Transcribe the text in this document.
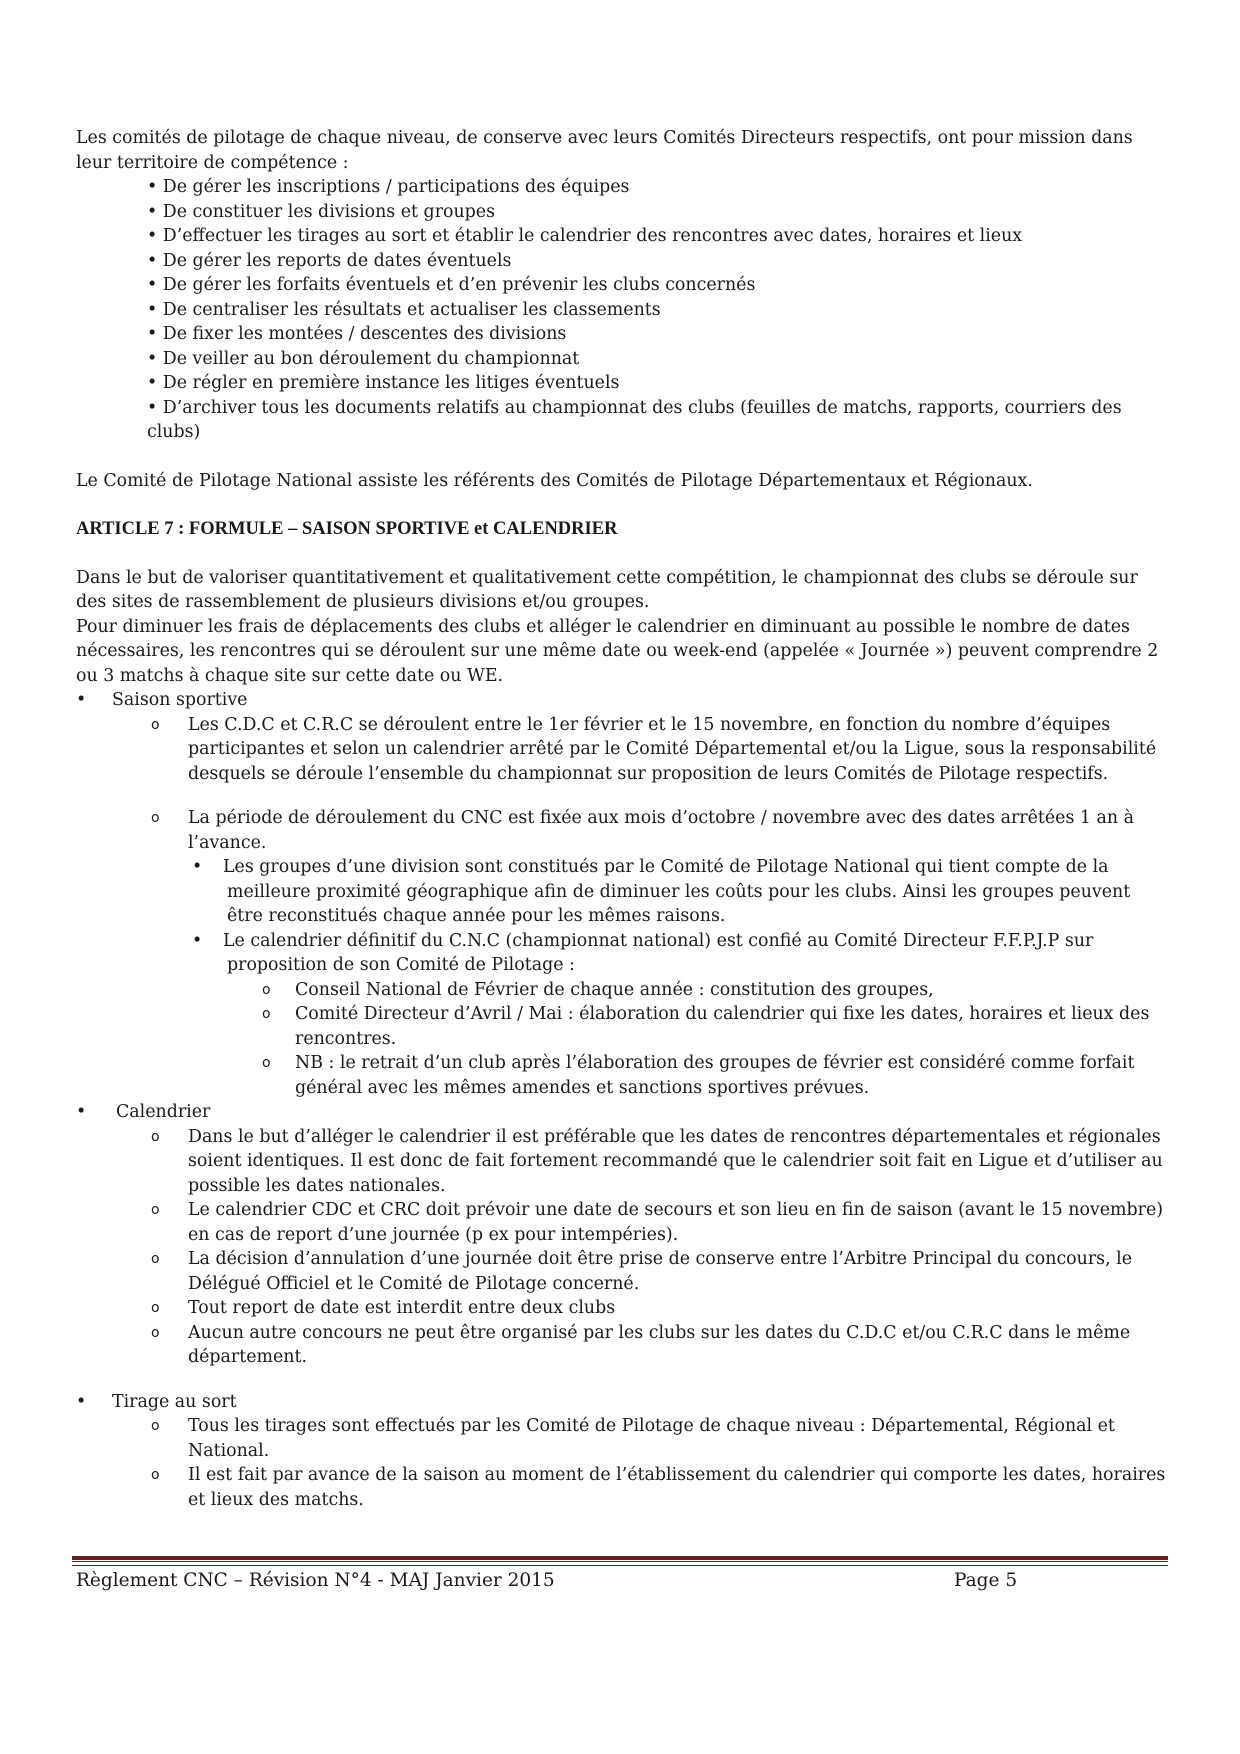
Les comités de pilotage de chaque niveau, de conserve avec leurs Comités Directeurs respectifs, ont pour mission dans leur territoire de compétence :

• De gérer les inscriptions / participations des équipes
• De constituer les divisions et groupes
• D’effectuer les tirages au sort et établir le calendrier des rencontres avec dates, horaires et lieux
• De gérer les reports de dates éventuels
• De gérer les forfaits éventuels et d’en prévenir les clubs concernés
• De centraliser les résultats et actualiser les classements
• De fixer les montées / descentes des divisions
• De veiller au bon déroulement du championnat
• De régler en première instance les litiges éventuels
• D’archiver tous les documents relatifs au championnat des clubs (feuilles de matchs, rapports, courriers des clubs)

Le Comité de Pilotage National assiste les référents des Comités de Pilotage Départementaux et Régionaux.

ARTICLE 7 : FORMULE – SAISON SPORTIVE et CALENDRIER

Dans le but de valoriser quantitativement et qualitativement cette compétition, le championnat des clubs se déroule sur des sites de rassemblement de plusieurs divisions et/ou groupes.

Pour diminuer les frais de déplacements des clubs et alléger le calendrier en diminuant au possible le nombre de dates nécessaires, les rencontres qui se déroulent sur une même date ou week-end (appelée « Journée ») peuvent comprendre 2 ou 3 matchs à chaque site sur cette date ou WE.

• Saison sportive
o Les C.D.C et C.R.C se déroulent entre le 1er février et le 15 novembre, en fonction du nombre d’équipes participantes et selon un calendrier arrêté par le Comité Départemental et/ou la Ligue, sous la responsabilité desquels se déroule l’ensemble du championnat sur proposition de leurs Comités de Pilotage respectifs.
o La période de déroulement du CNC est fixée aux mois d’octobre / novembre avec des dates arrêtées 1 an à l’avance.
• Les groupes d’une division sont constitués par le Comité de Pilotage National qui tient compte de la

meilleure proximité géographique afin de diminuer les coûts pour les clubs. Ainsi les groupes peuvent être reconstitués chaque année pour les mêmes raisons.
• Le calendrier définitif du C.N.C (championnat national) est confié au Comité Directeur F.F.P.J.P sur

proposition de son Comité de Pilotage :
o Conseil National de Février de chaque année : constitution des groupes,
o Comité Directeur d’Avril / Mai : élaboration du calendrier qui fixe les dates, horaires et lieux des rencontres.
o NB : le retrait d’un club après l’élaboration des groupes de février est considéré comme forfait général avec les mêmes amendes et sanctions sportives prévues.
• Calendrier
o Dans le but d’alléger le calendrier il est préférable que les dates de rencontres départementales et régionales soient identiques. Il est donc de fait fortement recommandé que le calendrier soit fait en Ligue et d’utiliser au possible les dates nationales.
o Le calendrier CDC et CRC doit prévoir une date de secours et son lieu en fin de saison (avant le 15 novembre) en cas de report d’une journée (p ex pour intempéries).
o La décision d’annulation d’une journée doit être prise de conserve entre l’Arbitre Principal du concours, le Délégué Officiel et le Comité de Pilotage concerné.
o Tout report de date est interdit entre deux clubs
o Aucun autre concours ne peut être organisé par les clubs sur les dates du C.D.C et/ou C.R.C dans le même département.
• Tirage au sort
o Tous les tirages sont effectués par les Comité de Pilotage de chaque niveau : Départemental, Régional et National.
o Il est fait par avance de la saison au moment de l’établissement du calendrier qui comporte les dates, horaires et lieux des matchs.
Règlement CNC – Révision N°4 - MAJ Janvier 2015	Page 5
